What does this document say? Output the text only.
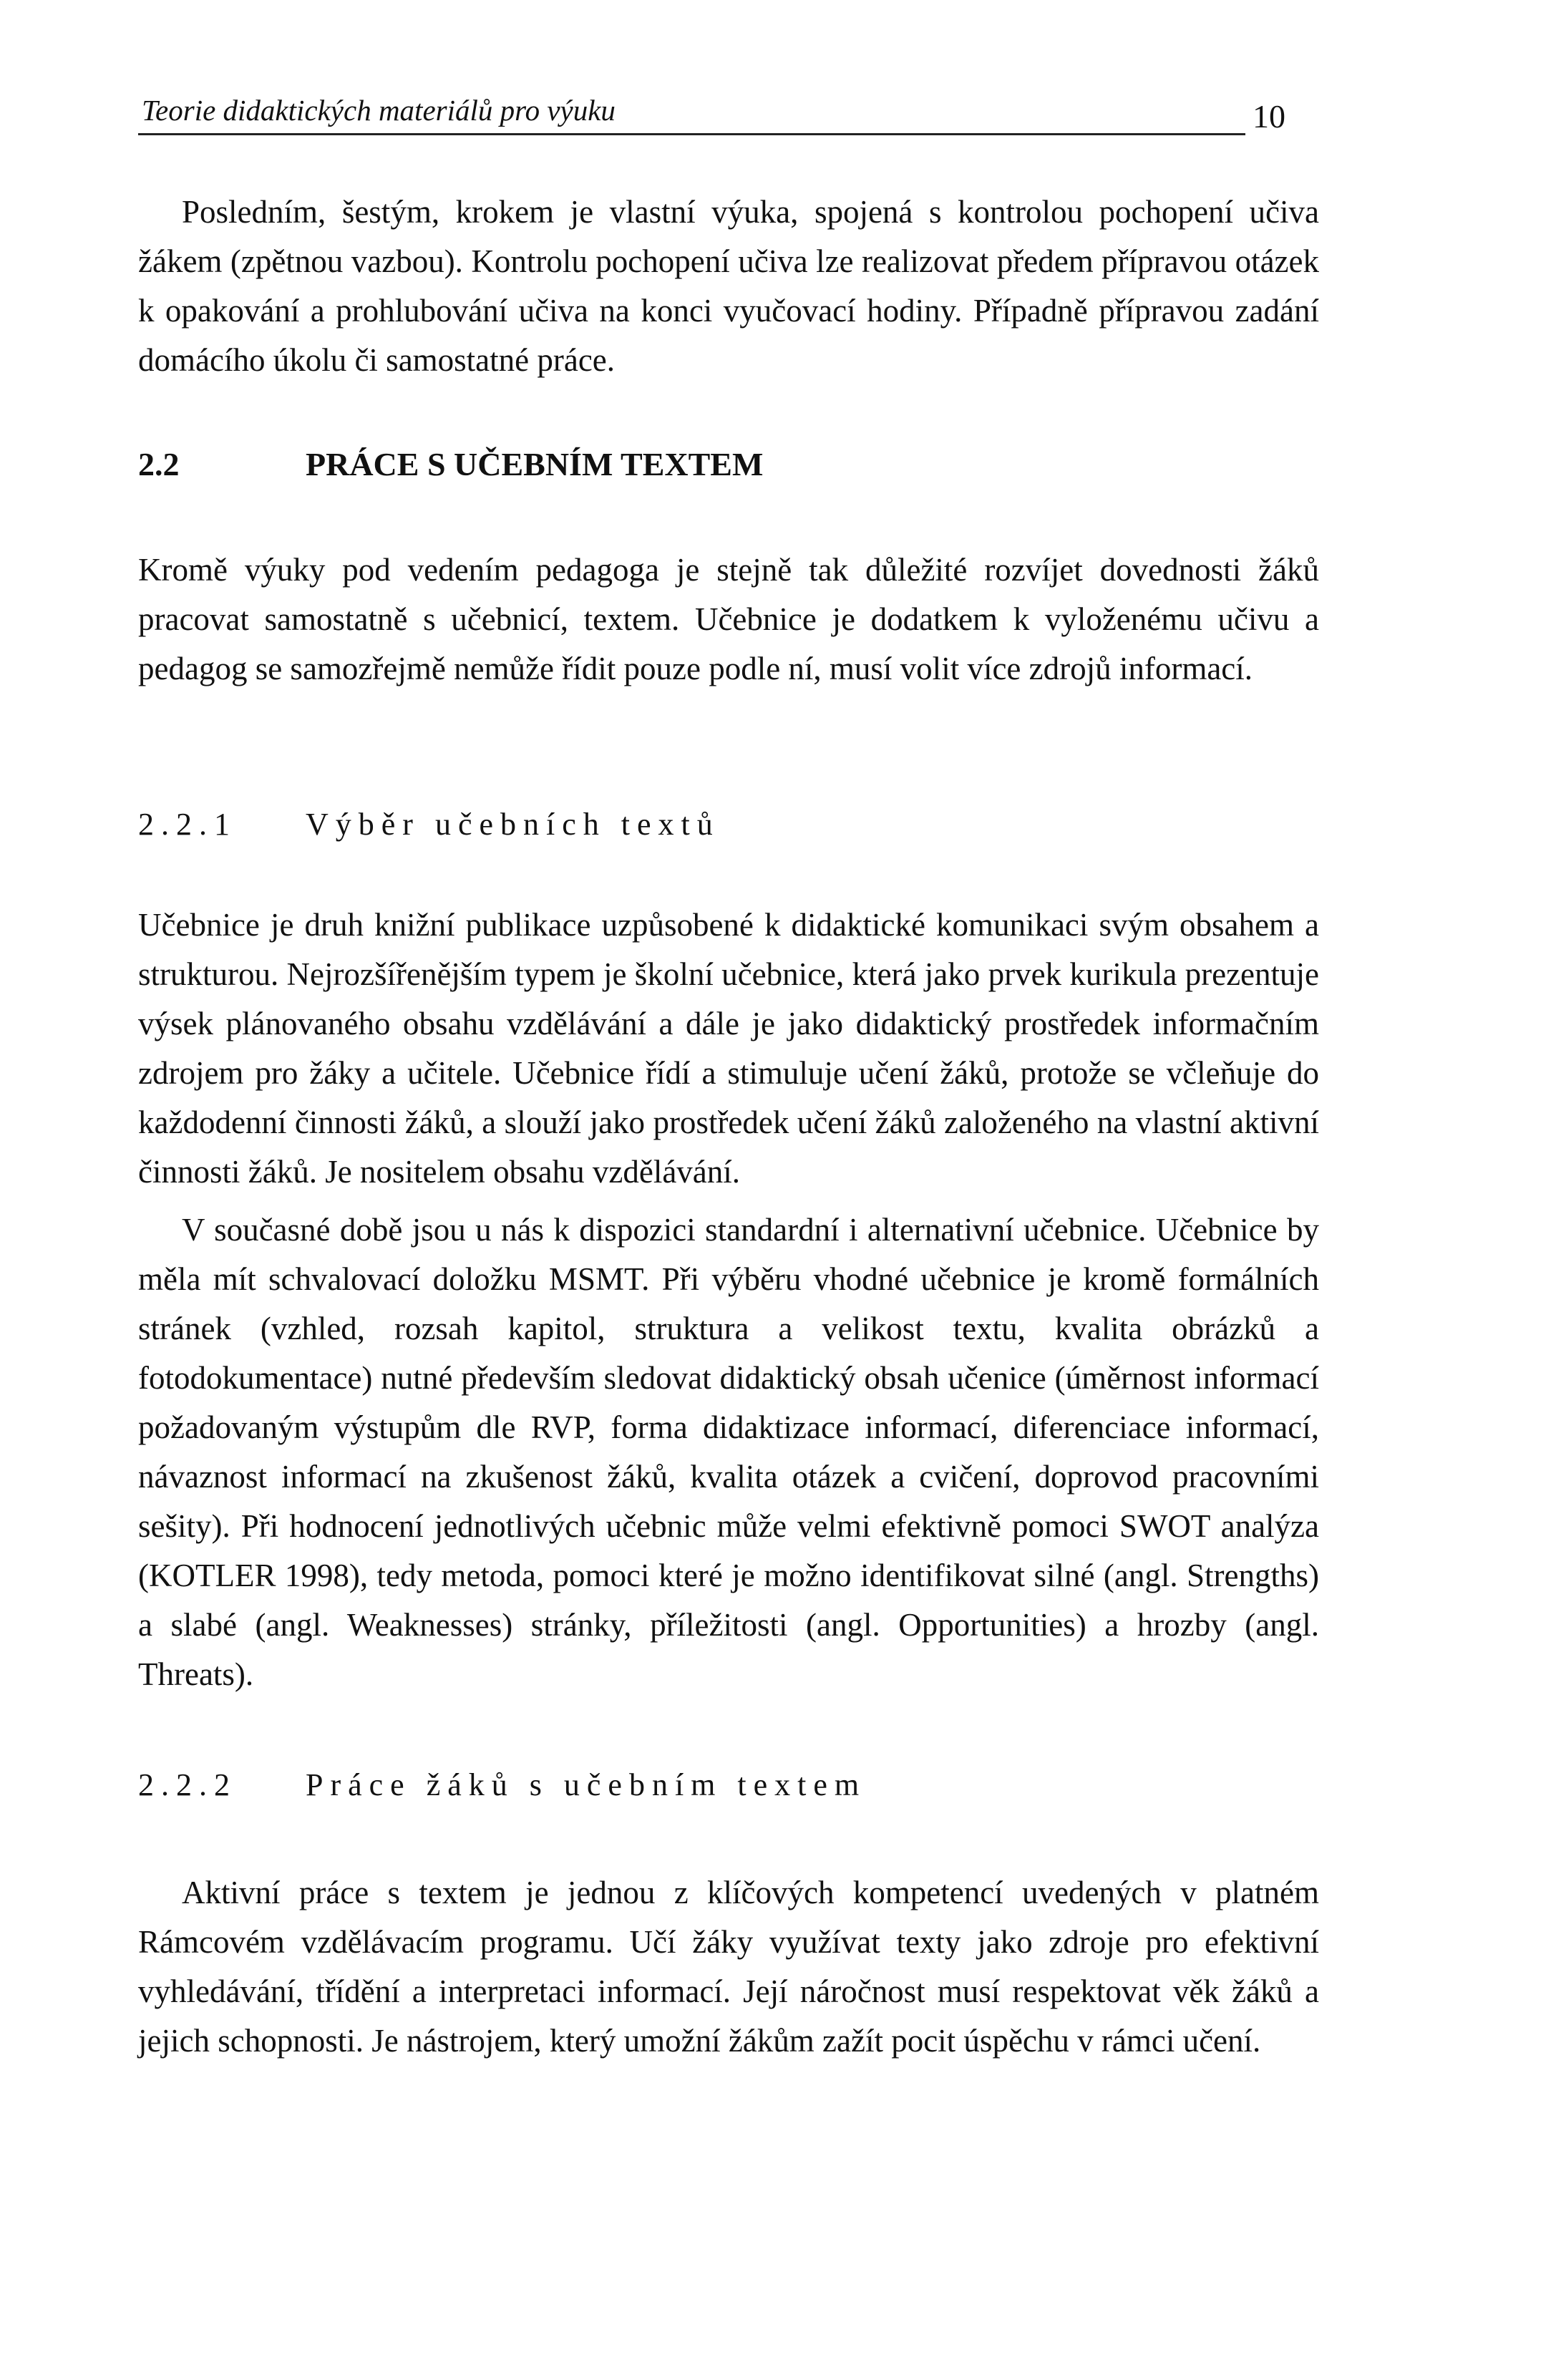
Teorie didaktických materiálů pro výuku	10

Posledním, šestým, krokem je vlastní výuka, spojená s kontrolou pochopení učiva žákem (zpětnou vazbou). Kontrolu pochopení učiva lze realizovat předem přípravou otázek k opakování a prohlubování učiva na konci vyučovací hodiny. Případně přípravou zadání domácího úkolu či samostatné práce.

2.2	PRÁCE S UČEBNÍM TEXTEM

Kromě výuky pod vedením pedagoga je stejně tak důležité rozvíjet dovednosti žáků pracovat samostatně s učebnicí, textem. Učebnice je dodatkem k vyloženému učivu a pedagog se samozřejmě nemůže řídit pouze podle ní, musí volit více zdrojů informací.

2.2.1	Výběr učebních textů

Učebnice je druh knižní publikace uzpůsobené k didaktické komunikaci svým obsahem a strukturou. Nejrozšířenějším typem je školní učebnice, která jako prvek kurikula prezentuje výsek plánovaného obsahu vzdělávání a dále je jako didaktický prostředek informačním zdrojem pro žáky a učitele. Učebnice řídí a stimuluje učení žáků, protože se včleňuje do každodenní činnosti žáků, a slouží jako prostředek učení žáků založeného na vlastní aktivní činnosti žáků. Je nositelem obsahu vzdělávání.

V současné době jsou u nás k dispozici standardní i alternativní učebnice. Učebnice by měla mít schvalovací doložku MSMT. Při výběru vhodné učebnice je kromě formálních stránek (vzhled, rozsah kapitol, struktura a velikost textu, kvalita obrázků a fotodokumentace) nutné především sledovat didaktický obsah učenice (úměrnost informací požadovaným výstupům dle RVP, forma didaktizace informací, diferenciace informací, návaznost informací na zkušenost žáků, kvalita otázek a cvičení, doprovod pracovními sešity). Při hodnocení jednotlivých učebnic může velmi efektivně pomoci SWOT analýza (KOTLER 1998), tedy metoda, pomoci které je možno identifikovat silné (angl. Strengths) a slabé (angl. Weaknesses) stránky, příležitosti (angl. Opportunities) a hrozby (angl. Threats).

2.2.2	Práce žáků s učebním textem

Aktivní práce s textem je jednou z klíčových kompetencí uvedených v platném Rámcovém vzdělávacím programu. Učí žáky využívat texty jako zdroje pro efektivní vyhledávání, třídění a interpretaci informací. Její náročnost musí respektovat věk žáků a jejich schopnosti. Je nástrojem, který umožní žákům zažít pocit úspěchu v rámci učení.
